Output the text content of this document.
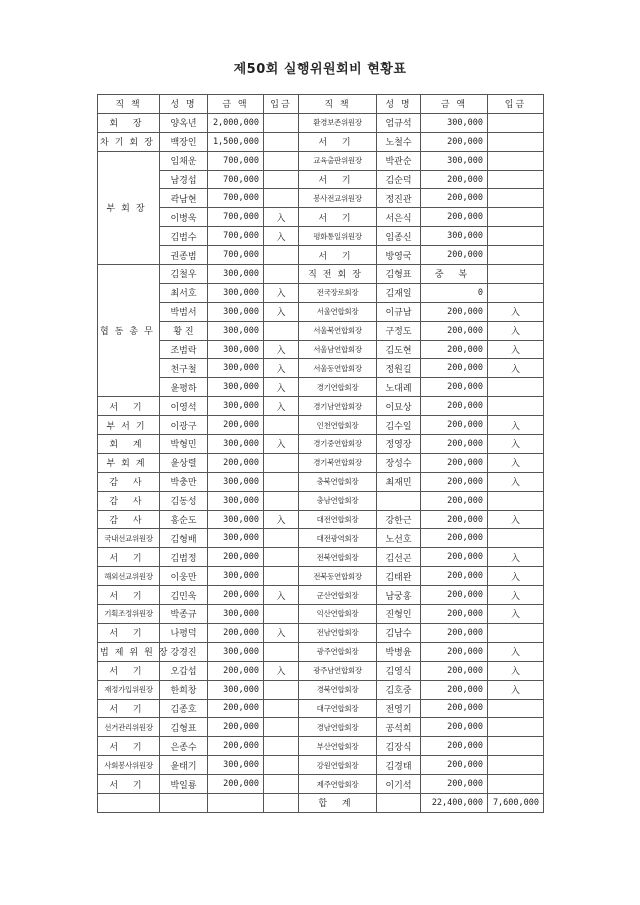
제50회 실행위원회비 현황표
직 책	성 명	금 액	입금	직 책	성 명	금 액	입금
회 장	양옥년	2,000,000		환경보존위원장	엄규석	300,000	
차기회장	백장인	1,500,000		서 기	노철수	200,000	
부회장	임채운	700,000		교육출판위원장	박관순	300,000	
	남경섭	700,000		서 기	김순덕	200,000	
	곽남현	700,000		봉사전교위원장	정진관	200,000	
	이병욱	700,000	入	서 기	서은식	200,000	
	김범수	700,000	入	평화통일위원장	임종신	300,000	
	권종범	700,000		서 기	방영국	200,000	
협동총무	김철우	300,000		직전회장	김형표	중 복	
	최서호	300,000	入	전국장로회장	김재일	0	
	박범서	300,000	入	서울연합회장	이규남	200,000	入
	황 진	300,000		서울북연합회장	구정도	200,000	入
	조범락	300,000	入	서울남연합회장	김도현	200,000	入
	천구철	300,000	入	서울동연합회장	정원길	200,000	入
	윤평하	300,000	入	경기연합회장	노대례	200,000	
서 기	이영석	300,000	入	경기남연합회장	이묘상	200,000	
부서기	이광구	200,000		인천연합회장	김수일	200,000	入
회 계	박형민	300,000	入	경기중연합회장	정영장	200,000	入
부회계	윤상렬	200,000		경기북연합회장	장성수	200,000	入
감 사	박충만	300,000		충북연합회장	최재민	200,000	入
감 사	김동성	300,000		충남연합회장		200,000	
감 사	홍순도	300,000	入	대전연합회장	강한근	200,000	入
국내선교위원장	김형배	300,000		대전광역회장	노선호	200,000	
서 기	김범정	200,000		전북연합회장	김선곤	200,000	入
해외선교위원장	이웅만	300,000		전북동연합회장	김태완	200,000	入
서 기	김민욱	200,000	入	군산연합회장	남궁홍	200,000	入
기획조정위원장	박종규	300,000		익산연합회장	진형인	200,000	入
서 기	나평덕	200,000	入	전남연합회장	김남수	200,000	
법제위원장	강경진	300,000		광주연합회장	박병윤	200,000	入
서 기	오갑섭	200,000	入	광주남연합회장	김영식	200,000	入
재정가입위원장	한희창	300,000		경북연합회장	김호중	200,000	入
서 기	김종호	200,000		대구연합회장	전영기	200,000	
선거관리위원장	김형표	200,000		경남연합회장	공석희	200,000	
서 기	은종수	200,000		부산연합회장	김장식	200,000	
사회봉사위원장	윤태기	300,000		강원연합회장	김경태	200,000	
서 기	박일룡	200,000		제주연합회장	이기석	200,000	
				합 계		22,400,000	7,600,000
